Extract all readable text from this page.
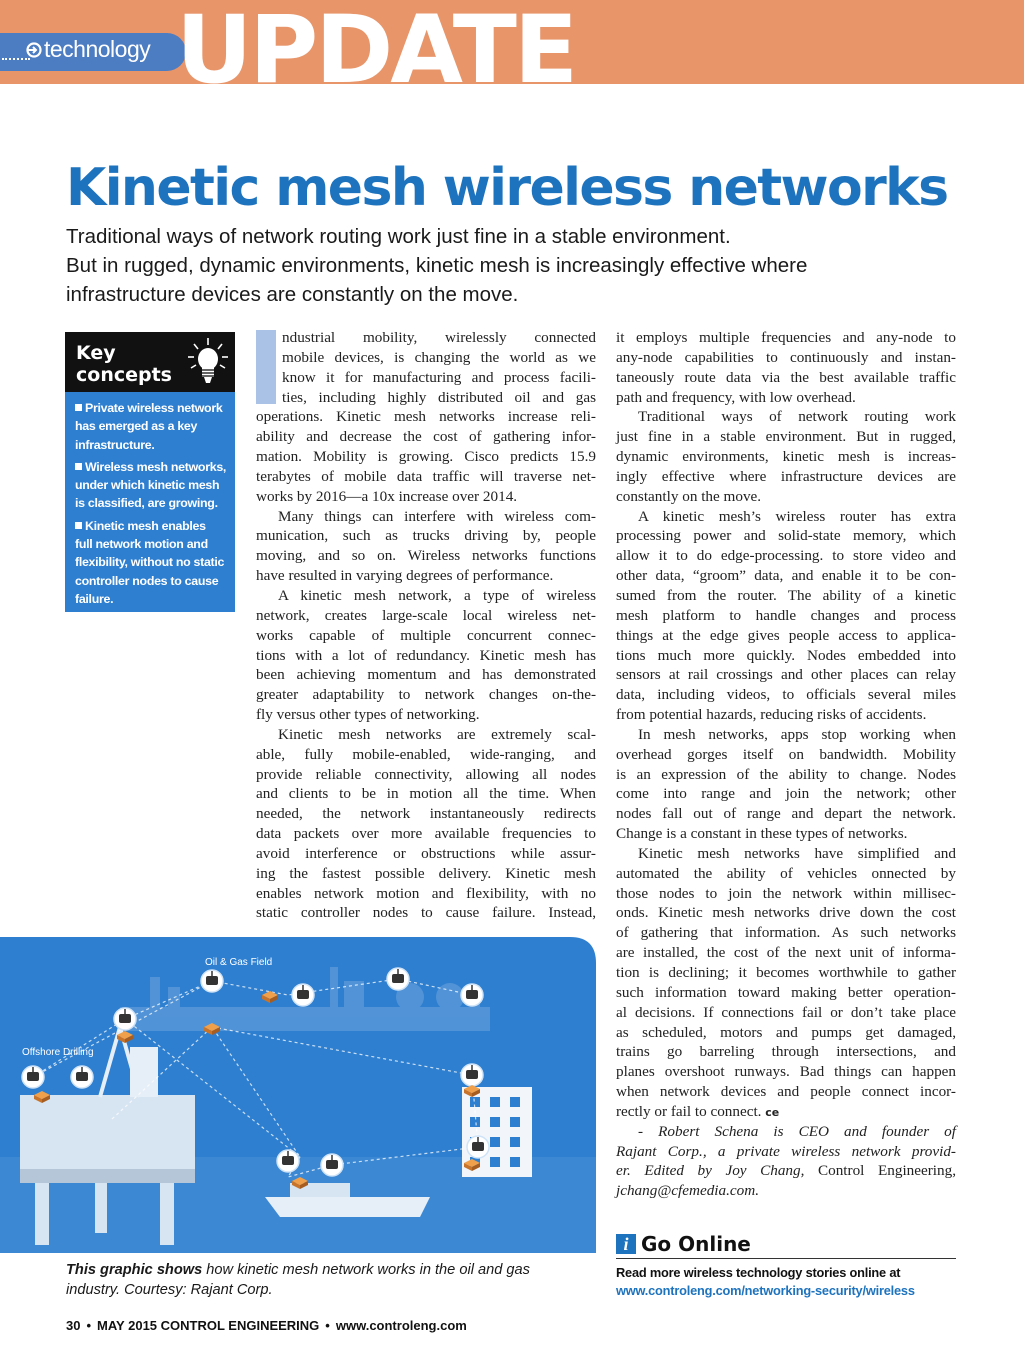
technology UPDATE
Kinetic mesh wireless networks
Traditional ways of network routing work just fine in a stable environment.
But in rugged, dynamic environments, kinetic mesh is increasingly effective where
infrastructure devices are constantly on the move.
Key
concepts
Private wireless network
has emerged as a key
infrastructure.
Wireless mesh networks,
under which kinetic mesh
is classified, are growing.
Kinetic mesh enables
full network motion and
flexibility, without no static
controller nodes to cause
failure.
ndustrial mobility, wirelessly connected
mobile devices, is changing the world as we
know it for manufacturing and process facili-
ties, including highly distributed oil and gas
operations. Kinetic mesh networks increase reli-
ability and decrease the cost of gathering infor-
mation. Mobility is growing. Cisco predicts 15.9
terabytes of mobile data traffic will traverse net-
works by 2016—a 10x increase over 2014.
Many things can interfere with wireless com-
munication, such as trucks driving by, people
moving, and so on. Wireless networks functions
have resulted in varying degrees of performance.
A kinetic mesh network, a type of wireless
network, creates large-scale local wireless net-
works capable of multiple concurrent connec-
tions with a lot of redundancy. Kinetic mesh has
been achieving momentum and has demonstrated
greater adaptability to network changes on-the-
fly versus other types of networking.
Kinetic mesh networks are extremely scal-
able, fully mobile-enabled, wide-ranging, and
provide reliable connectivity, allowing all nodes
and clients to be in motion all the time. When
needed, the network instantaneously redirects
data packets over more available frequencies to
avoid interference or obstructions while assur-
ing the fastest possible delivery. Kinetic mesh
enables network motion and flexibility, with no
static controller nodes to cause failure. Instead,
it employs multiple frequencies and any-node to
any-node capabilities to continuously and instan-
taneously route data via the best available traffic
path and frequency, with low overhead.
Traditional ways of network routing work
just fine in a stable environment. But in rugged,
dynamic environments, kinetic mesh is increas-
ingly effective where infrastructure devices are
constantly on the move.
A kinetic mesh’s wireless router has extra
processing power and solid-state memory, which
allow it to do edge-processing. to store video and
other data, “groom” data, and enable it to be con-
sumed from the router. The ability of a kinetic
mesh platform to handle changes and process
things at the edge gives people access to applica-
tions much more quickly. Nodes embedded into
sensors at rail crossings and other places can relay
data, including videos, to officials several miles
from potential hazards, reducing risks of accidents.
In mesh networks, apps stop working when
overhead gorges itself on bandwidth. Mobility
is an expression of the ability to change. Nodes
come into range and join the network; other
nodes fall out of range and depart the network.
Change is a constant in these types of networks.
Kinetic mesh networks have simplified and
automated the ability of vehicles onnected by
those nodes to join the network within millisec-
onds. Kinetic mesh networks drive down the cost
of gathering that information. As such networks
are installed, the cost of the next unit of informa-
tion is declining; it becomes worthwhile to gather
such information toward making better operation-
al decisions. If connections fail or don’t take place
as scheduled, motors and pumps get damaged,
trains go barreling through intersections, and
planes overshoot runways. Bad things can happen
when network devices and people connect incor-
rectly or fail to connect. ce
- Robert Schena is CEO and founder of
Rajant Corp., a private wireless network provid-
er. Edited by Joy Chang, Control Engineering,
jchang@cfemedia.com.
Oil & Gas Field
Offshore Drilling
This graphic shows how kinetic mesh network works in the oil and gas
industry. Courtesy: Rajant Corp.
i Go Online
Read more wireless technology stories online at
www.controleng.com/networking-security/wireless
30 • MAY 2015 CONTROL ENGINEERING • www.controleng.com
